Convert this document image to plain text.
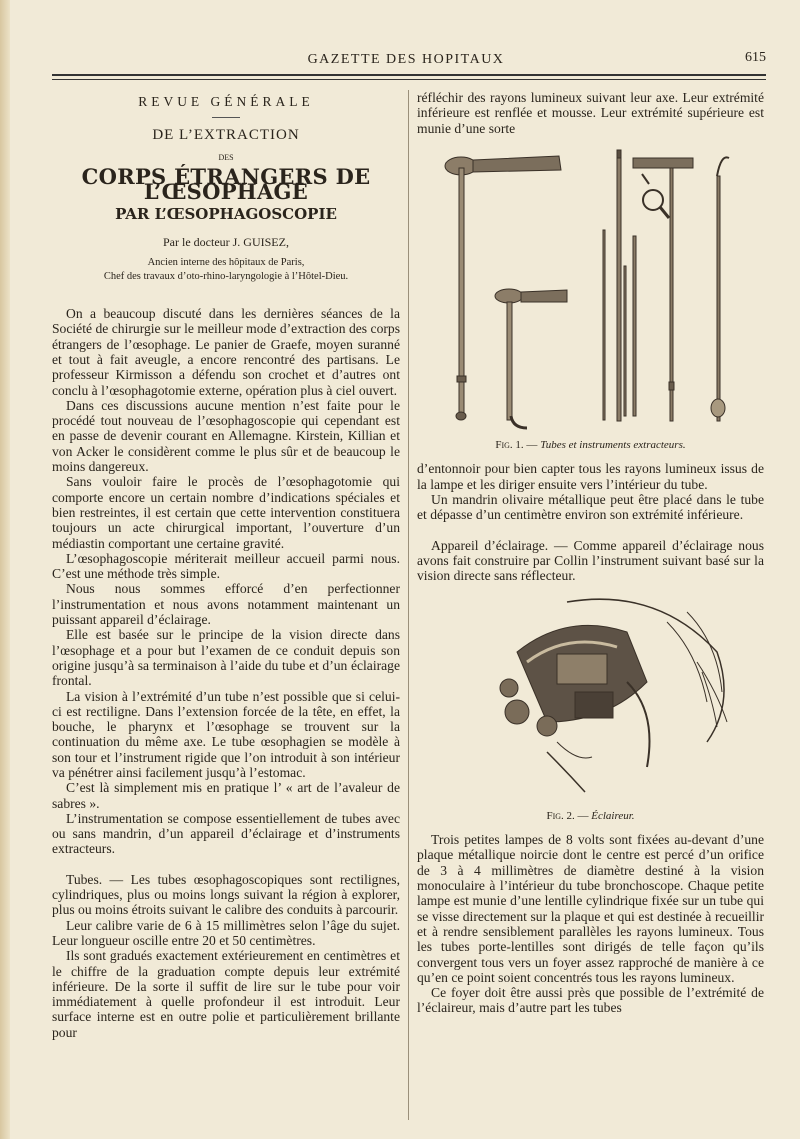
GAZETTE DES HOPITAUX	615
REVUE GÉNÉRALE
DE L’EXTRACTION
DES
CORPS ÉTRANGERS DE L’ŒSOPHAGE
PAR L’ŒSOPHAGOSCOPIE
Par le docteur J. GUISEZ,
Ancien interne des hôpitaux de Paris,
Chef des travaux d’oto-rhino-laryngologie à l’Hôtel-Dieu.

On a beaucoup discuté dans les dernières séances de la Société de chirurgie sur le meilleur mode d’extraction des corps étrangers de l’œsophage. Le panier de Graefe, moyen suranné et tout à fait aveugle, a encore rencontré des partisans. Le professeur Kirmisson a défendu son crochet et d’autres ont conclu à l’œsophagotomie externe, opération plus à ciel ouvert.

Dans ces discussions aucune mention n’est faite pour le procédé tout nouveau de l’œsophagoscopie qui cependant est en passe de devenir courant en Allemagne. Kirstein, Killian et von Acker le considèrent comme le plus sûr et de beaucoup le moins dangereux.

Sans vouloir faire le procès de l’œsophagotomie qui comporte encore un certain nombre d’indications spéciales et bien restreintes, il est certain que cette intervention constituera toujours un acte chirurgical important, l’ouverture d’un médiastin comportant une certaine gravité.

L’œsophagoscopie mériterait meilleur accueil parmi nous. C’est une méthode très simple.

Nous nous sommes efforcé d’en perfectionner l’instrumentation et nous avons notamment maintenant un puissant appareil d’éclairage.

Elle est basée sur le principe de la vision directe dans l’œsophage et a pour but l’examen de ce conduit depuis son origine jusqu’à sa terminaison à l’aide du tube et d’un éclairage frontal.

La vision à l’extrémité d’un tube n’est possible que si celui-ci est rectiligne. Dans l’extension forcée de la tête, en effet, la bouche, le pharynx et l’œsophage se trouvent sur la continuation du même axe. Le tube œsophagien se modèle à son tour et l’instrument rigide que l’on introduit à son intérieur va pénétrer ainsi facilement jusqu’à l’estomac.

C’est là simplement mis en pratique l’ « art de l’avaleur de sabres ».

L’instrumentation se compose essentiellement de tubes avec ou sans mandrin, d’un appareil d’éclairage et d’instruments extracteurs.

Tubes. — Les tubes œsophagoscopiques sont rectilignes, cylindriques, plus ou moins longs suivant la région à explorer, plus ou moins étroits suivant le calibre des conduits à parcourir.

Leur calibre varie de 6 à 15 millimètres selon l’âge du sujet. Leur longueur oscille entre 20 et 50 centimètres.

Ils sont gradués exactement extérieurement en centimètres et le chiffre de la graduation compte depuis leur extrémité inférieure. De la sorte il suffit de lire sur le tube pour voir immédiatement à quelle profondeur il est introduit. Leur surface interne est en outre polie et particulièrement brillante pour

réfléchir des rayons lumineux suivant leur axe. Leur extrémité inférieure est renflée et mousse. Leur extrémité supérieure est munie d’une sorte

Fig. 1. — Tubes et instruments extracteurs.

d’entonnoir pour bien capter tous les rayons lumineux issus de la lampe et les diriger ensuite vers l’intérieur du tube.

Un mandrin olivaire métallique peut être placé dans le tube et dépasse d’un centimètre environ son extrémité inférieure.

Appareil d’éclairage. — Comme appareil d’éclairage nous avons fait construire par Collin l’instrument suivant basé sur la vision directe sans réflecteur.

Fig. 2. — Éclaireur.

Trois petites lampes de 8 volts sont fixées au-devant d’une plaque métallique noircie dont le centre est percé d’un orifice de 3 à 4 millimètres de diamètre destiné à la vision monoculaire à l’intérieur du tube bronchoscope. Chaque petite lampe est munie d’une lentille cylindrique fixée sur un tube qui se visse directement sur la plaque et qui est destinée à recueillir et à rendre sensiblement parallèles les rayons lumineux. Tous les tubes porte-lentilles sont dirigés de telle façon qu’ils convergent tous vers un foyer assez rapproché de manière à ce qu’en ce point soient concentrés tous les rayons lumineux.

Ce foyer doit être aussi près que possible de l’extrémité de l’éclaireur, mais d’autre part les tubes
